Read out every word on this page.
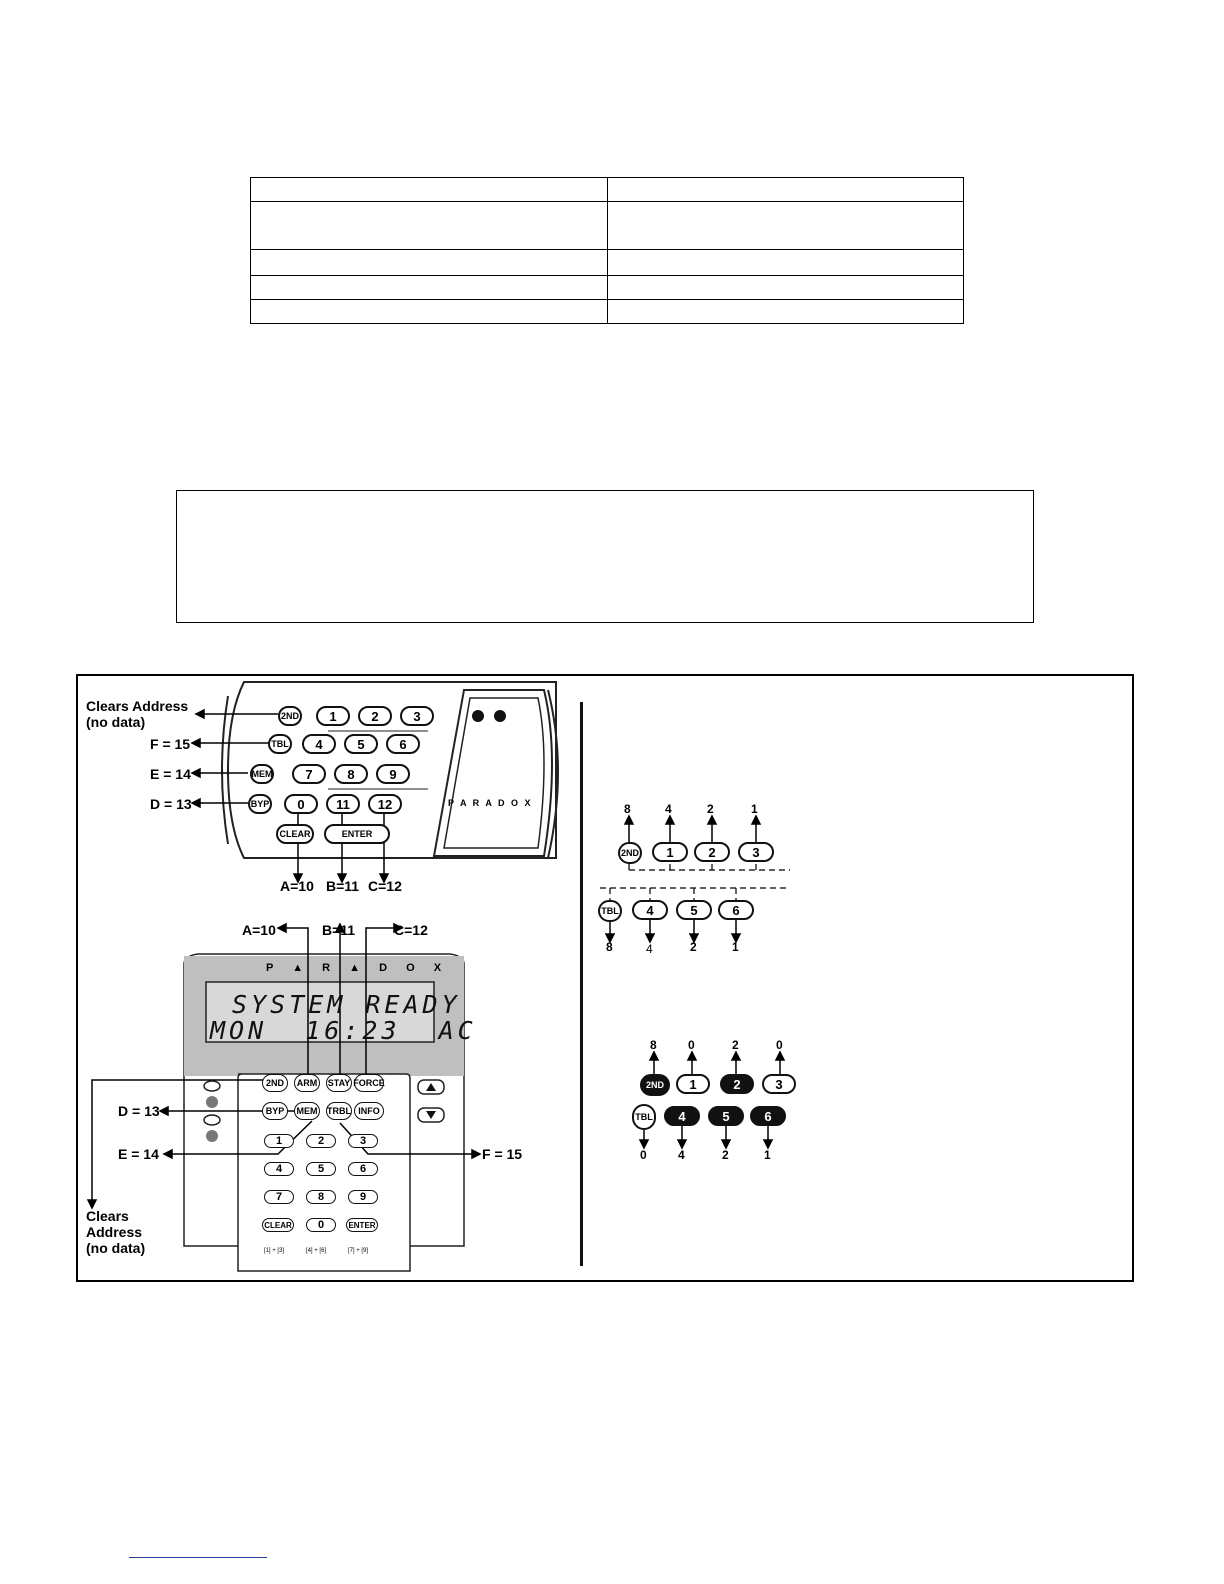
Clears Address
(no data)
F = 15
E = 14
D = 13
2ND	1	2	3
TBL	4	5	6
MEM	7	8	9
BYP	0	11	12
CLEAR	ENTER
P A R A D O X
A=10 B=11 C=12
P ▲ R ▲ D O X
SYSTEM READY
MON  16:23  AC
2ND	ARM	STAY FORCE
BYP	MEM TRBL INFO
1	2	3
4	5	6
7	8	9
CLEAR	0	ENTER
[1] + [3]	[4] + [6]	[7] + [9]
A=10	B=11	C=12
D = 13
E = 14	F = 15
Clears
Address
(no data)
8	4	2	1
2ND	1	2	3
TBL	4	5	6
8	4	2	1
8	0	2	0
2ND	1	2	3
TBL	4	5	6
0	4	2	1
